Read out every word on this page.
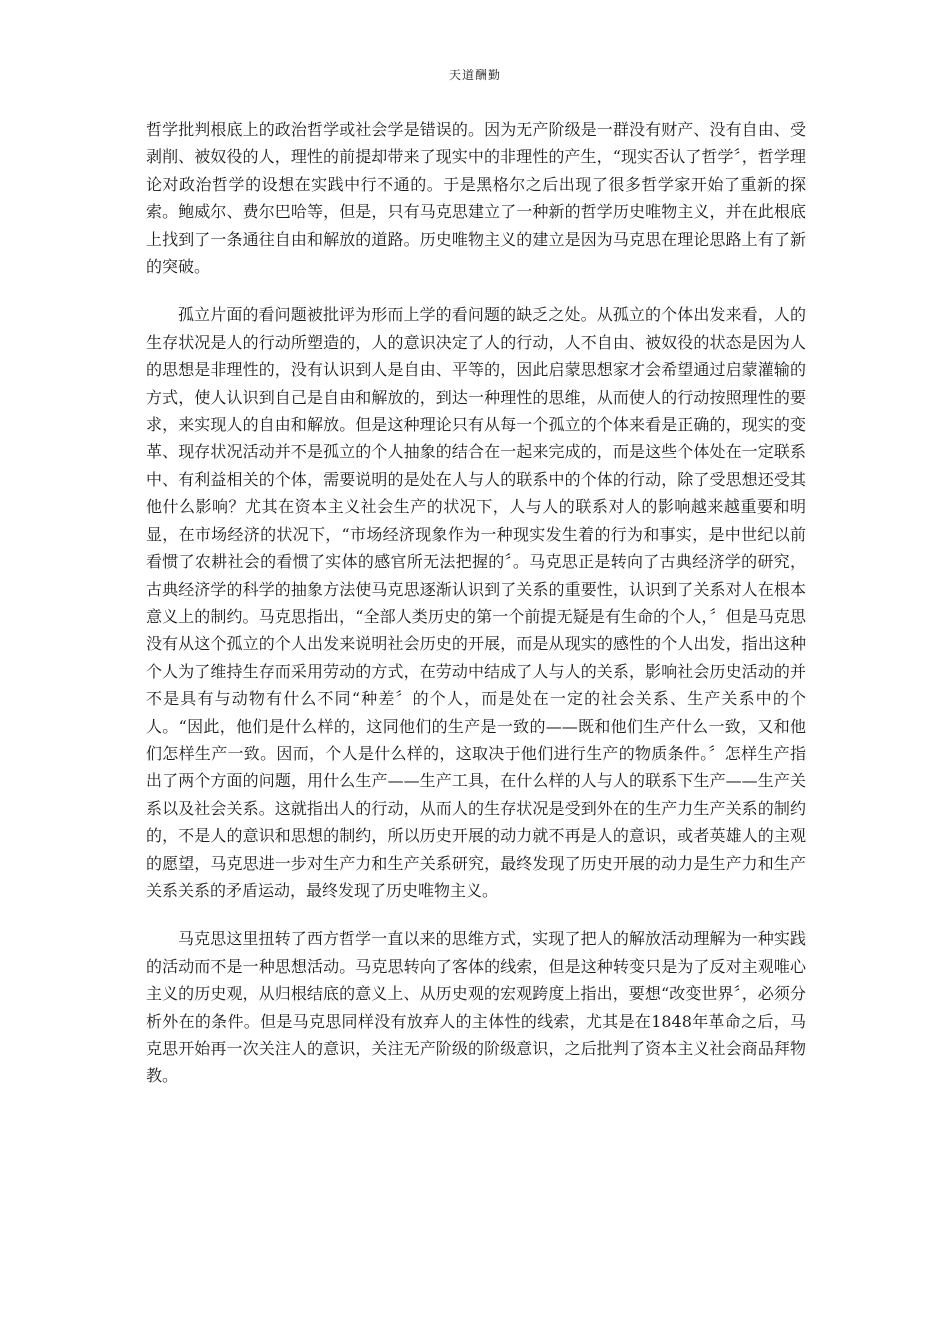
天道酬勤

哲学批判根底上的政治哲学或社会学是错误的。因为无产阶级是一群没有财产、没有自由、受剥削、被奴役的人，理性的前提却带来了现实中的非理性的产生，“现实否认了哲学〞，哲学理论对政治哲学的设想在实践中行不通的。于是黑格尔之后出现了很多哲学家开始了重新的探索。鲍威尔、费尔巴哈等，但是，只有马克思建立了一种新的哲学历史唯物主义，并在此根底上找到了一条通往自由和解放的道路。历史唯物主义的建立是因为马克思在理论思路上有了新的突破。

孤立片面的看问题被批评为形而上学的看问题的缺乏之处。从孤立的个体出发来看，人的生存状况是人的行动所塑造的，人的意识决定了人的行动，人不自由、被奴役的状态是因为人的思想是非理性的，没有认识到人是自由、平等的，因此启蒙思想家才会希望通过启蒙灌输的方式，使人认识到自己是自由和解放的，到达一种理性的思维，从而使人的行动按照理性的要求，来实现人的自由和解放。但是这种理论只有从每一个孤立的个体来看是正确的，现实的变革、现存状况活动并不是孤立的个人抽象的结合在一起来完成的，而是这些个体处在一定联系中、有利益相关的个体，需要说明的是处在人与人的联系中的个体的行动，除了受思想还受其他什么影响？尤其在资本主义社会生产的状况下，人与人的联系对人的影响越来越重要和明显，在市场经济的状况下，“市场经济现象作为一种现实发生着的行为和事实，是中世纪以前看惯了农耕社会的看惯了实体的感官所无法把握的〞。马克思正是转向了古典经济学的研究，古典经济学的科学的抽象方法使马克思逐渐认识到了关系的重要性，认识到了关系对人在根本意义上的制约。马克思指出，“全部人类历史的第一个前提无疑是有生命的个人，〞但是马克思没有从这个孤立的个人出发来说明社会历史的开展，而是从现实的感性的个人出发，指出这种个人为了维持生存而采用劳动的方式，在劳动中结成了人与人的关系，影响社会历史活动的并不是具有与动物有什么不同“种差〞的个人，而是处在一定的社会关系、生产关系中的个人。“因此，他们是什么样的，这同他们的生产是一致的——既和他们生产什么一致，又和他们怎样生产一致。因而，个人是什么样的，这取决于他们进行生产的物质条件。〞怎样生产指出了两个方面的问题，用什么生产——生产工具，在什么样的人与人的联系下生产——生产关系以及社会关系。这就指出人的行动，从而人的生存状况是受到外在的生产力生产关系的制约的，不是人的意识和思想的制约，所以历史开展的动力就不再是人的意识，或者英雄人的主观的愿望，马克思进一步对生产力和生产关系研究，最终发现了历史开展的动力是生产力和生产关系关系的矛盾运动，最终发现了历史唯物主义。

马克思这里扭转了西方哲学一直以来的思维方式，实现了把人的解放活动理解为一种实践的活动而不是一种思想活动。马克思转向了客体的线索，但是这种转变只是为了反对主观唯心主义的历史观，从归根结底的意义上、从历史观的宏观跨度上指出，要想“改变世界〞，必须分析外在的条件。但是马克思同样没有放弃人的主体性的线索，尤其是在1848年革命之后，马克思开始再一次关注人的意识，关注无产阶级的阶级意识，之后批判了资本主义社会商品拜物教。
